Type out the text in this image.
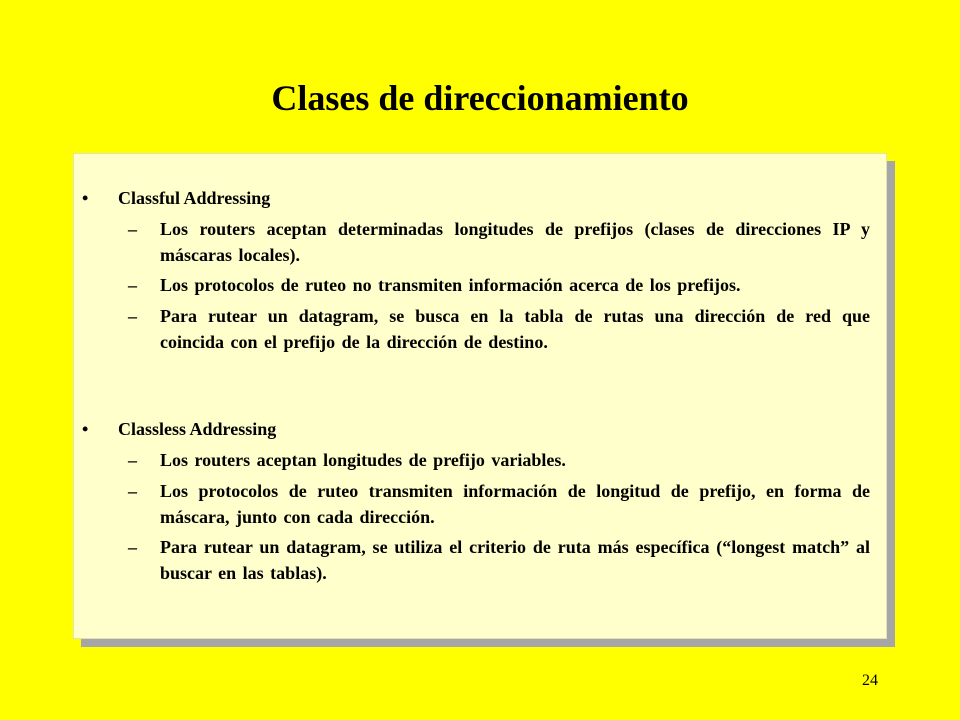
Clases de direccionamiento
• Classful Addressing
– Los routers aceptan determinadas longitudes de prefijos (clases de direcciones IP y máscaras locales).
– Los protocolos de ruteo no transmiten información acerca de los prefijos.
– Para rutear un datagram, se busca en la tabla de rutas una dirección de red que coincida con el prefijo de la dirección de destino.
• Classless Addressing
– Los routers aceptan longitudes de prefijo variables.
– Los protocolos de ruteo transmiten información de longitud de prefijo, en forma de máscara, junto con cada dirección.
– Para rutear un datagram, se utiliza el criterio de ruta más específica (“longest match” al buscar en las tablas).
24
